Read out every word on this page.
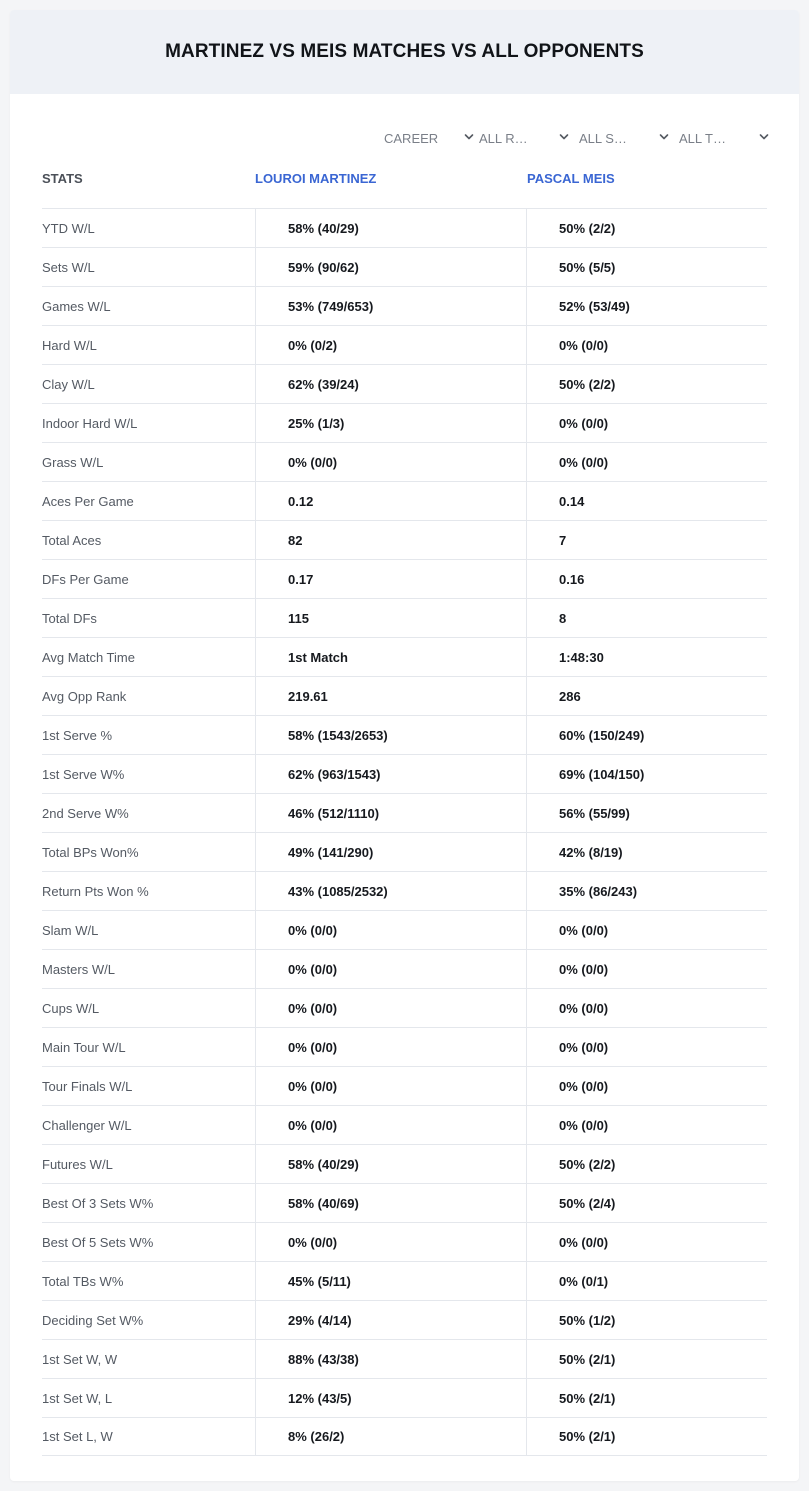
MARTINEZ VS MEIS MATCHES VS ALL OPPONENTS
CAREER	ALL R…	ALL S…	ALL T…
STATS	LOUROI MARTINEZ	PASCAL MEIS
YTD W/L	58% (40/29)	50% (2/2)
Sets W/L	59% (90/62)	50% (5/5)
Games W/L	53% (749/653)	52% (53/49)
Hard W/L	0% (0/2)	0% (0/0)
Clay W/L	62% (39/24)	50% (2/2)
Indoor Hard W/L	25% (1/3)	0% (0/0)
Grass W/L	0% (0/0)	0% (0/0)
Aces Per Game	0.12	0.14
Total Aces	82	7
DFs Per Game	0.17	0.16
Total DFs	115	8
Avg Match Time	1st Match	1:48:30
Avg Opp Rank	219.61	286
1st Serve %	58% (1543/2653)	60% (150/249)
1st Serve W%	62% (963/1543)	69% (104/150)
2nd Serve W%	46% (512/1110)	56% (55/99)
Total BPs Won%	49% (141/290)	42% (8/19)
Return Pts Won %	43% (1085/2532)	35% (86/243)
Slam W/L	0% (0/0)	0% (0/0)
Masters W/L	0% (0/0)	0% (0/0)
Cups W/L	0% (0/0)	0% (0/0)
Main Tour W/L	0% (0/0)	0% (0/0)
Tour Finals W/L	0% (0/0)	0% (0/0)
Challenger W/L	0% (0/0)	0% (0/0)
Futures W/L	58% (40/29)	50% (2/2)
Best Of 3 Sets W%	58% (40/69)	50% (2/4)
Best Of 5 Sets W%	0% (0/0)	0% (0/0)
Total TBs W%	45% (5/11)	0% (0/1)
Deciding Set W%	29% (4/14)	50% (1/2)
1st Set W, W	88% (43/38)	50% (2/1)
1st Set W, L	12% (43/5)	50% (2/1)
1st Set L, W	8% (26/2)	50% (2/1)
